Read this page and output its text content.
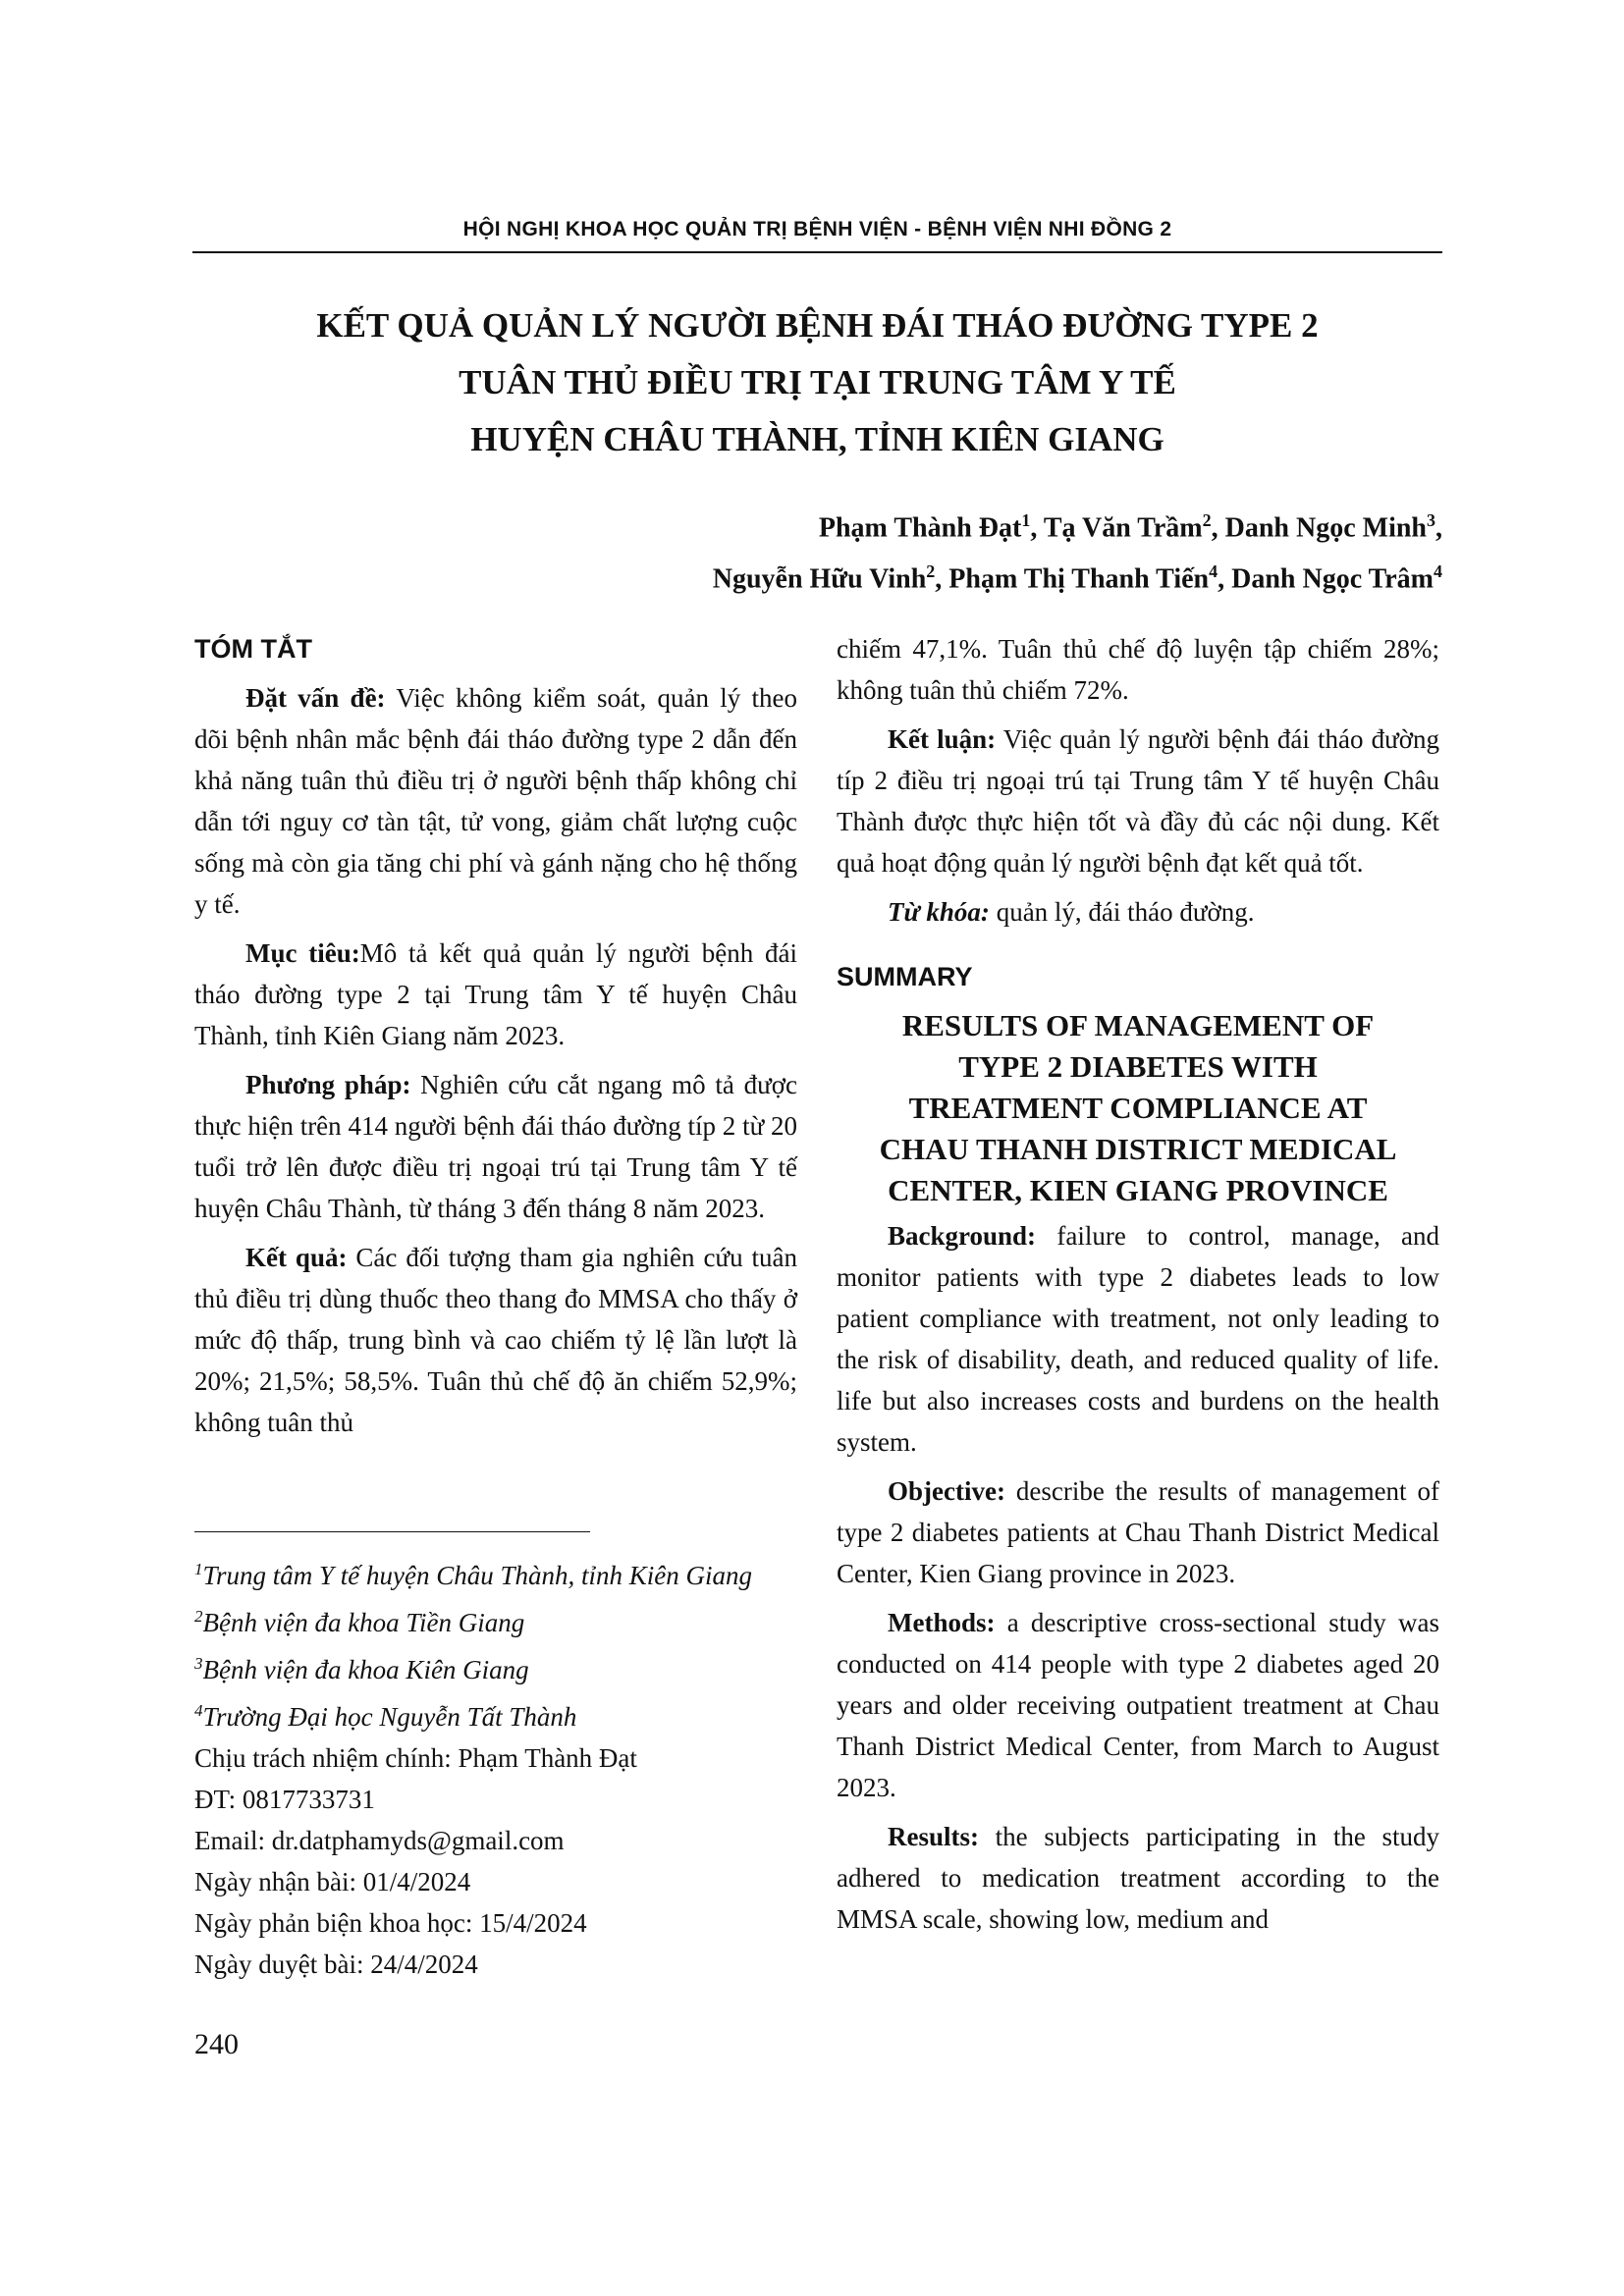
HỘI NGHỊ KHOA HỌC QUẢN TRỊ BỆNH VIỆN - BỆNH VIỆN NHI ĐỒNG 2
KẾT QUẢ QUẢN LÝ NGƯỜI BỆNH ĐÁI THÁO ĐƯỜNG TYPE 2
TUÂN THỦ ĐIỀU TRỊ TẠI TRUNG TÂM Y TẾ
HUYỆN CHÂU THÀNH, TỈNH KIÊN GIANG
Phạm Thành Đạt$^1$, Tạ Văn Trầm$^2$, Danh Ngọc Minh$^3$,
Nguyễn Hữu Vinh$^2$, Phạm Thị Thanh Tiến$^4$, Danh Ngọc Trâm$^4$
TÓM TẮT

Đặt vấn đề: Việc không kiểm soát, quản lý theo dõi bệnh nhân mắc bệnh đái tháo đường type 2 dẫn đến khả năng tuân thủ điều trị ở người bệnh thấp không chỉ dẫn tới nguy cơ tàn tật, tử vong, giảm chất lượng cuộc sống mà còn gia tăng chi phí và gánh nặng cho hệ thống y tế.

Mục tiêu:Mô tả kết quả quản lý người bệnh đái tháo đường type 2 tại Trung tâm Y tế huyện Châu Thành, tỉnh Kiên Giang năm 2023.

Phương pháp: Nghiên cứu cắt ngang mô tả được thực hiện trên 414 người bệnh đái tháo đường típ 2 từ 20 tuổi trở lên được điều trị ngoại trú tại Trung tâm Y tế huyện Châu Thành, từ tháng 3 đến tháng 8 năm 2023.

Kết quả: Các đối tượng tham gia nghiên cứu tuân thủ điều trị dùng thuốc theo thang đo MMSA cho thấy ở mức độ thấp, trung bình và cao chiếm tỷ lệ lần lượt là 20%; 21,5%; 58,5%. Tuân thủ chế độ ăn chiếm 52,9%; không tuân thủ

chiếm 47,1%. Tuân thủ chế độ luyện tập chiếm 28%; không tuân thủ chiếm 72%.

Kết luận: Việc quản lý người bệnh đái tháo đường típ 2 điều trị ngoại trú tại Trung tâm Y tế huyện Châu Thành được thực hiện tốt và đầy đủ các nội dung. Kết quả hoạt động quản lý người bệnh đạt kết quả tốt.

Từ khóa: quản lý, đái tháo đường.

SUMMARY
RESULTS OF MANAGEMENT OF
TYPE 2 DIABETES WITH
TREATMENT COMPLIANCE AT
CHAU THANH DISTRICT MEDICAL
CENTER, KIEN GIANG PROVINCE

Background: failure to control, manage, and monitor patients with type 2 diabetes leads to low patient compliance with treatment, not only leading to the risk of disability, death, and reduced quality of life. life but also increases costs and burdens on the health system.

Objective: describe the results of management of type 2 diabetes patients at Chau Thanh District Medical Center, Kien Giang province in 2023.

Methods: a descriptive cross-sectional study was conducted on 414 people with type 2 diabetes aged 20 years and older receiving outpatient treatment at Chau Thanh District Medical Center, from March to August 2023.

Results: the subjects participating in the study adhered to medication treatment according to the MMSA scale, showing low, medium and

$^1$Trung tâm Y tế huyện Châu Thành, tỉnh Kiên Giang
$^2$Bệnh viện đa khoa Tiền Giang
$^3$Bệnh viện đa khoa Kiên Giang
$^4$Trường Đại học Nguyễn Tất Thành
Chịu trách nhiệm chính: Phạm Thành Đạt
ĐT: 0817733731
Email: dr.datphamyds@gmail.com
Ngày nhận bài: 01/4/2024
Ngày phản biện khoa học: 15/4/2024
Ngày duyệt bài: 24/4/2024
240
